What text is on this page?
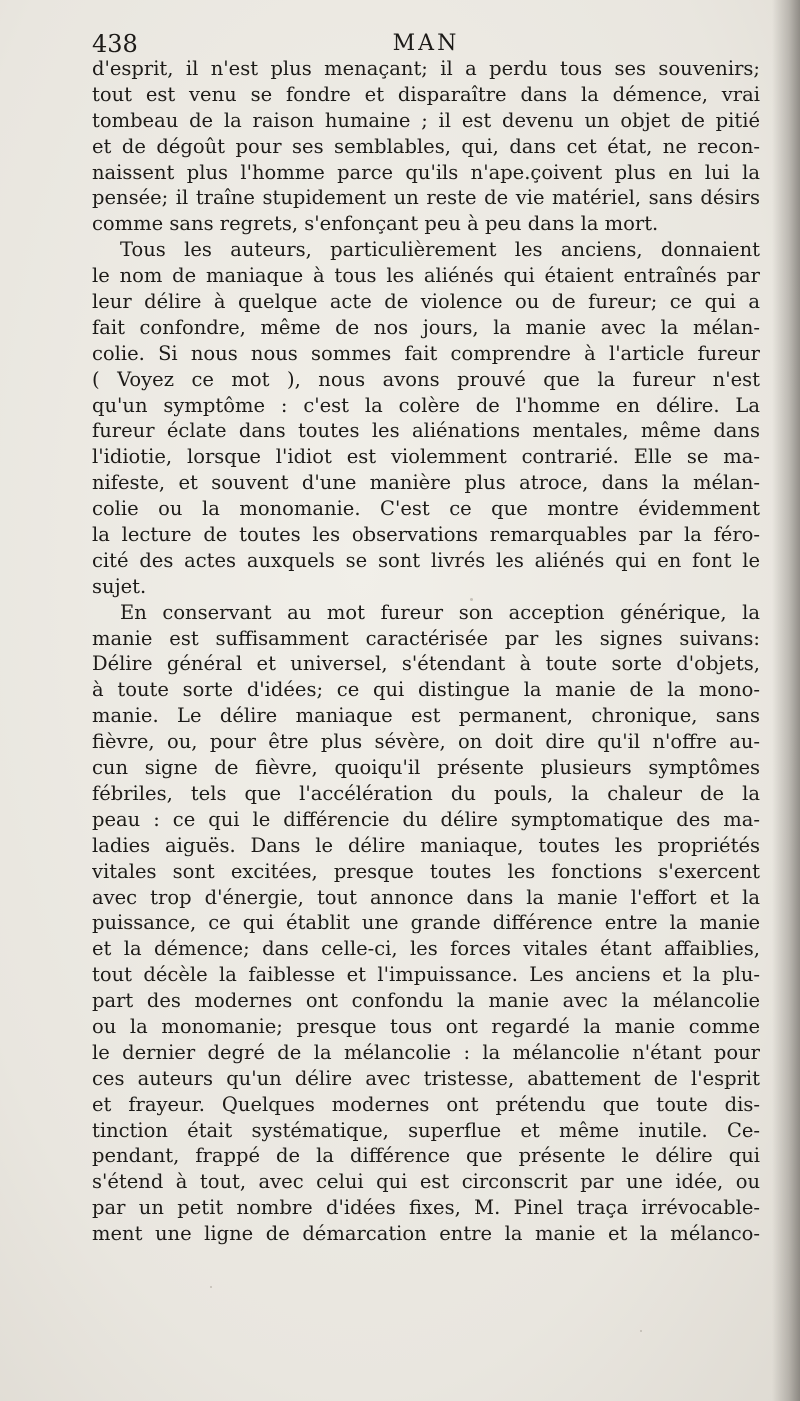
438	MAN
d'esprit, il n'est plus menaçant; il a perdu tous ses souvenirs;
tout est venu se fondre et disparaître dans la démence, vrai
tombeau de la raison humaine ; il est devenu un objet de pitié
et de dégoût pour ses semblables, qui, dans cet état, ne recon-
naissent plus l'homme parce qu'ils n'ape.çoivent plus en lui la
pensée; il traîne stupidement un reste de vie matériel, sans désirs
comme sans regrets, s'enfonçant peu à peu dans la mort.
Tous les auteurs, particulièrement les anciens, donnaient
le nom de maniaque à tous les aliénés qui étaient entraînés par
leur délire à quelque acte de violence ou de fureur; ce qui a
fait confondre, même de nos jours, la manie avec la mélan-
colie. Si nous nous sommes fait comprendre à l'article fureur
( Voyez ce mot ), nous avons prouvé que la fureur n'est
qu'un symptôme : c'est la colère de l'homme en délire. La
fureur éclate dans toutes les aliénations mentales, même dans
l'idiotie, lorsque l'idiot est violemment contrarié. Elle se ma-
nifeste, et souvent d'une manière plus atroce, dans la mélan-
colie ou la monomanie. C'est ce que montre évidemment
la lecture de toutes les observations remarquables par la féro-
cité des actes auxquels se sont livrés les aliénés qui en font le
sujet.
En conservant au mot fureur son acception générique, la
manie est suffisamment caractérisée par les signes suivans:
Délire général et universel, s'étendant à toute sorte d'objets,
à toute sorte d'idées; ce qui distingue la manie de la mono-
manie. Le délire maniaque est permanent, chronique, sans
fièvre, ou, pour être plus sévère, on doit dire qu'il n'offre au-
cun signe de fièvre, quoiqu'il présente plusieurs symptômes
fébriles, tels que l'accélération du pouls, la chaleur de la
peau : ce qui le différencie du délire symptomatique des ma-
ladies aiguës. Dans le délire maniaque, toutes les propriétés
vitales sont excitées, presque toutes les fonctions s'exercent
avec trop d'énergie, tout annonce dans la manie l'effort et la
puissance, ce qui établit une grande différence entre la manie
et la démence; dans celle-ci, les forces vitales étant affaiblies,
tout décèle la faiblesse et l'impuissance. Les anciens et la plu-
part des modernes ont confondu la manie avec la mélancolie
ou la monomanie; presque tous ont regardé la manie comme
le dernier degré de la mélancolie : la mélancolie n'étant pour
ces auteurs qu'un délire avec tristesse, abattement de l'esprit
et frayeur. Quelques modernes ont prétendu que toute dis-
tinction était systématique, superflue et même inutile. Ce-
pendant, frappé de la différence que présente le délire qui
s'étend à tout, avec celui qui est circonscrit par une idée, ou
par un petit nombre d'idées fixes, M. Pinel traça irrévocable-
ment une ligne de démarcation entre la manie et la mélanco-
